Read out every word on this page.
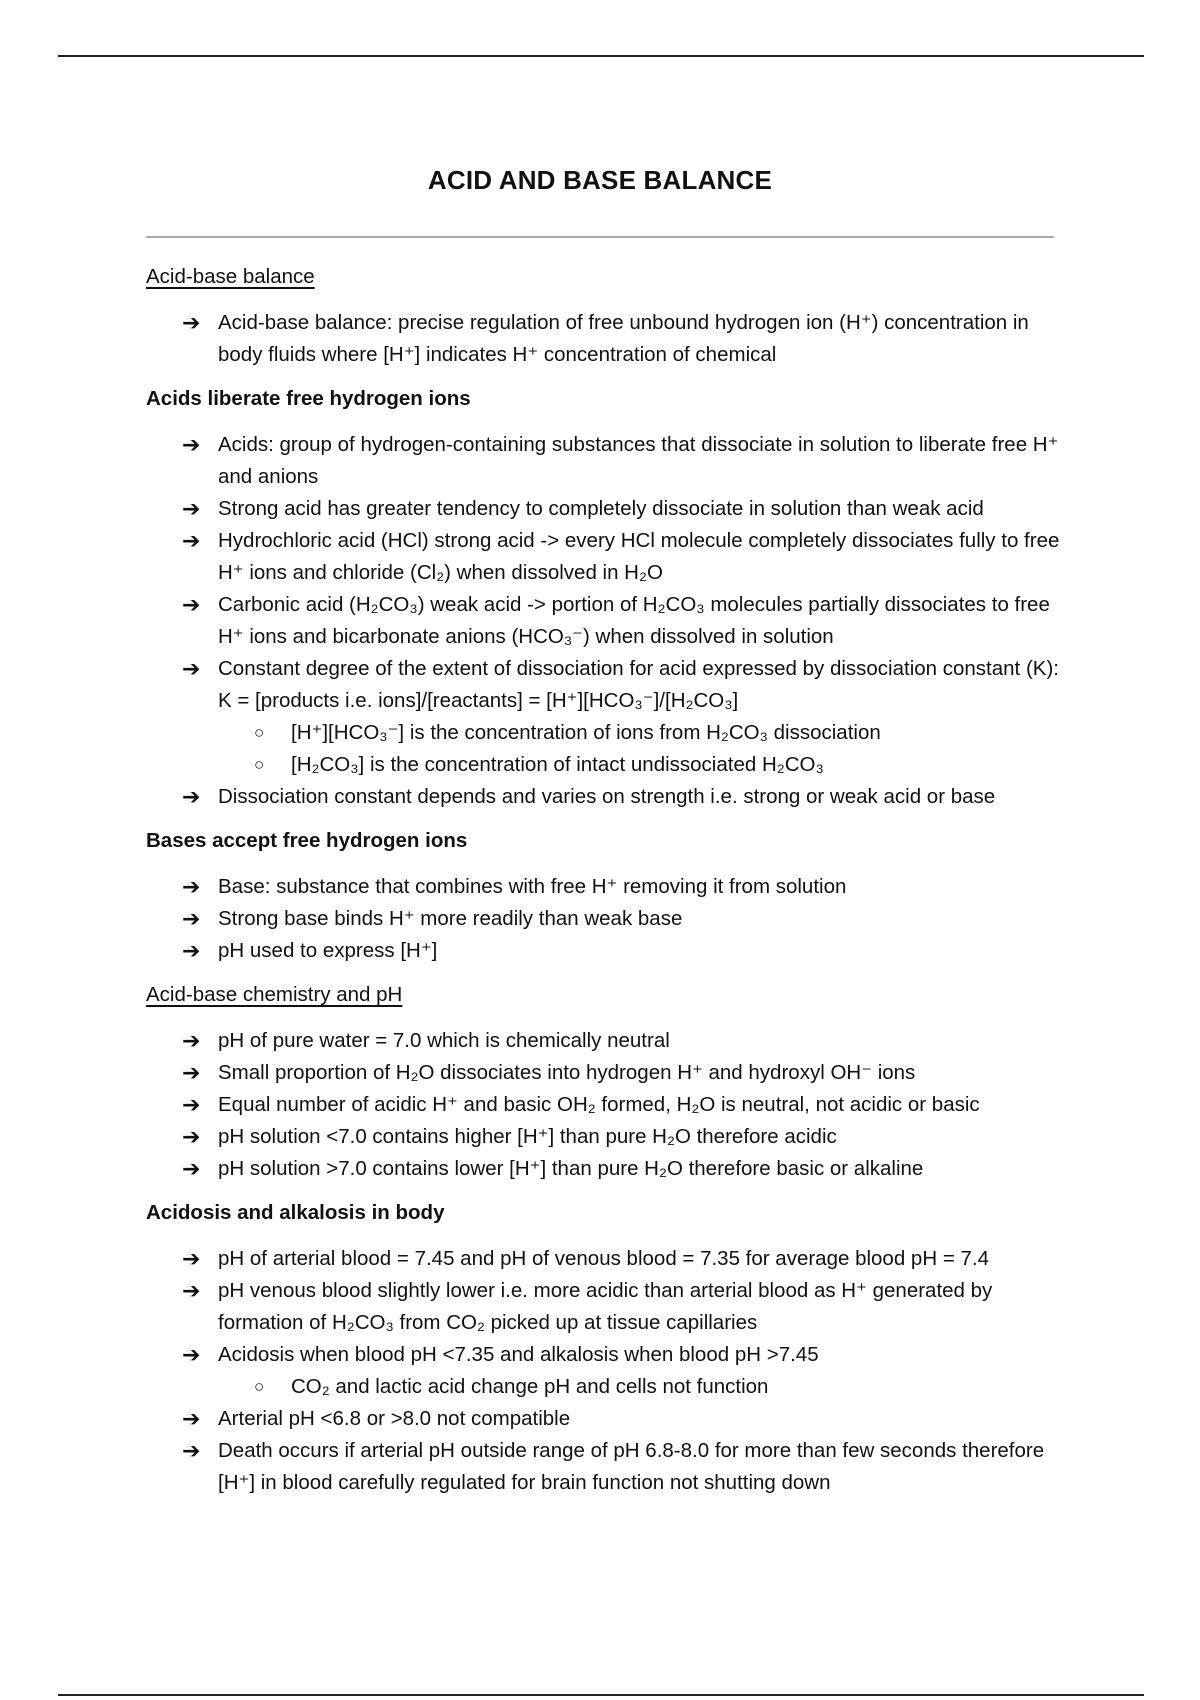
ACID AND BASE BALANCE

Acid-base balance

➔ Acid-base balance: precise regulation of free unbound hydrogen ion (H⁺) concentration in body fluids where [H⁺] indicates H⁺ concentration of chemical

Acids liberate free hydrogen ions

➔ Acids: group of hydrogen-containing substances that dissociate in solution to liberate free H⁺ and anions
➔ Strong acid has greater tendency to completely dissociate in solution than weak acid
➔ Hydrochloric acid (HCl) strong acid -> every HCl molecule completely dissociates fully to free H⁺ ions and chloride (Cl₂) when dissolved in H₂O
➔ Carbonic acid (H₂CO₃) weak acid -> portion of H₂CO₃ molecules partially dissociates to free H⁺ ions and bicarbonate anions (HCO₃⁻) when dissolved in solution
➔ Constant degree of the extent of dissociation for acid expressed by dissociation constant (K): K = [products i.e. ions]/[reactants] = [H⁺][HCO₃⁻]/[H₂CO₃]
○ [H⁺][HCO₃⁻] is the concentration of ions from H₂CO₃ dissociation
○ [H₂CO₃] is the concentration of intact undissociated H₂CO₃
➔ Dissociation constant depends and varies on strength i.e. strong or weak acid or base

Bases accept free hydrogen ions

➔ Base: substance that combines with free H⁺ removing it from solution
➔ Strong base binds H⁺ more readily than weak base
➔ pH used to express [H⁺]

Acid-base chemistry and pH

➔ pH of pure water = 7.0 which is chemically neutral
➔ Small proportion of H₂O dissociates into hydrogen H⁺ and hydroxyl OH⁻ ions
➔ Equal number of acidic H⁺ and basic OH₂ formed, H₂O is neutral, not acidic or basic
➔ pH solution <7.0 contains higher [H⁺] than pure H₂O therefore acidic
➔ pH solution >7.0 contains lower [H⁺] than pure H₂O therefore basic or alkaline

Acidosis and alkalosis in body

➔ pH of arterial blood = 7.45 and pH of venous blood = 7.35 for average blood pH = 7.4
➔ pH venous blood slightly lower i.e. more acidic than arterial blood as H⁺ generated by formation of H₂CO₃ from CO₂ picked up at tissue capillaries
➔ Acidosis when blood pH <7.35 and alkalosis when blood pH >7.45
○ CO₂ and lactic acid change pH and cells not function
➔ Arterial pH <6.8 or >8.0 not compatible
➔ Death occurs if arterial pH outside range of pH 6.8-8.0 for more than few seconds therefore [H⁺] in blood carefully regulated for brain function not shutting down
